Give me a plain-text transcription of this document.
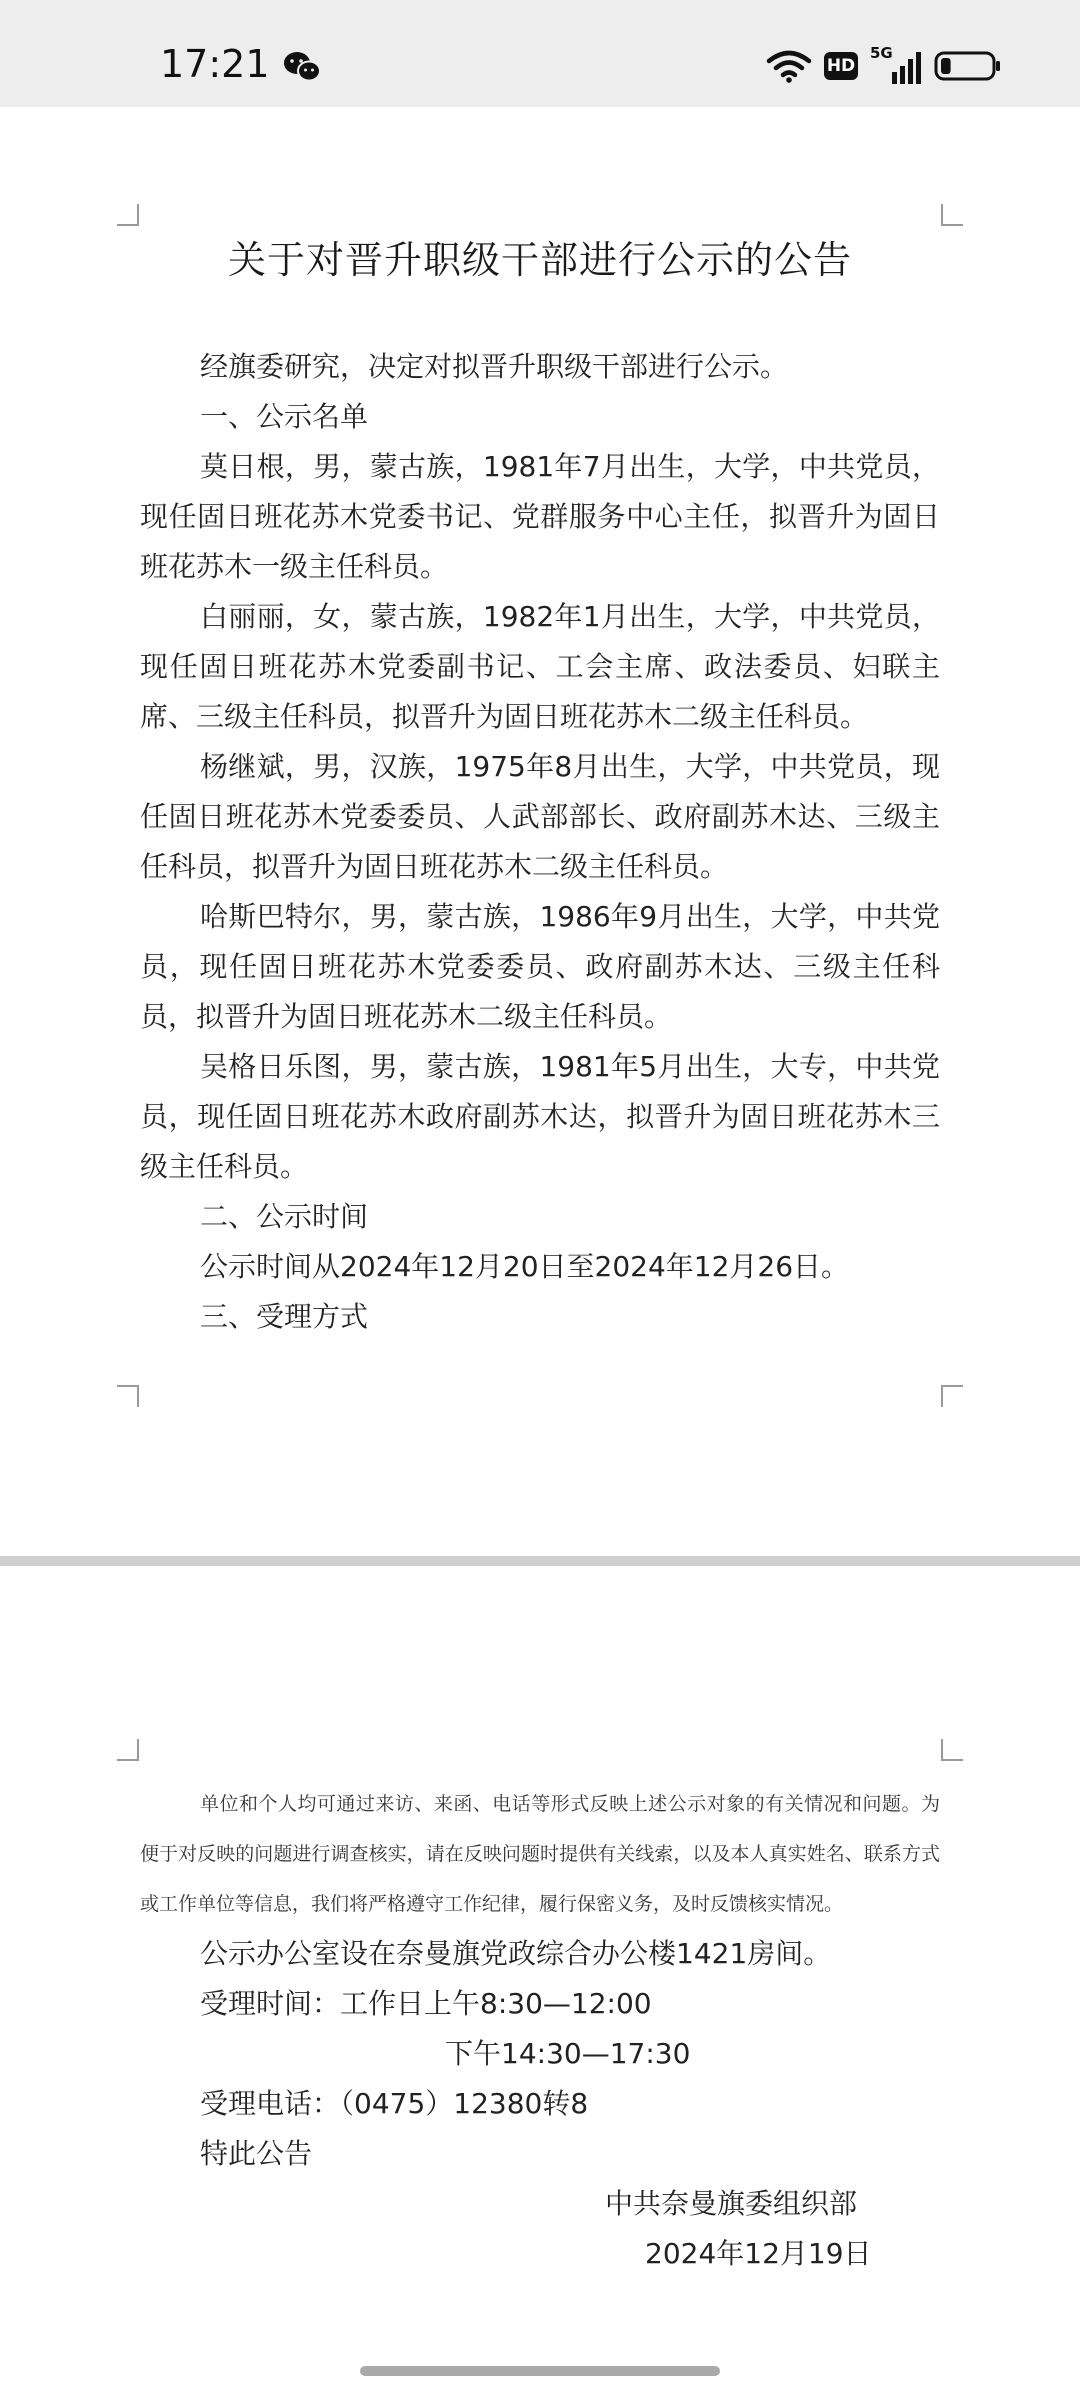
17:21	HD
5G
关于对晋升职级干部进行公示的公告

经旗委研究，决定对拟晋升职级干部进行公示。

一、公示名单

莫日根，男，蒙古族，1981年7月出生，大学，中共党员，现任固日班花苏木党委书记、党群服务中心主任，拟晋升为固日班花苏木一级主任科员。

白丽丽，女，蒙古族，1982年1月出生，大学，中共党员，现任固日班花苏木党委副书记、工会主席、政法委员、妇联主席、三级主任科员，拟晋升为固日班花苏木二级主任科员。

杨继斌，男，汉族，1975年8月出生，大学，中共党员，现任固日班花苏木党委委员、人武部部长、政府副苏木达、三级主任科员，拟晋升为固日班花苏木二级主任科员。

哈斯巴特尔，男，蒙古族，1986年9月出生，大学，中共党员，现任固日班花苏木党委委员、政府副苏木达、三级主任科员，拟晋升为固日班花苏木二级主任科员。

吴格日乐图，男，蒙古族，1981年5月出生，大专，中共党员，现任固日班花苏木政府副苏木达，拟晋升为固日班花苏木三级主任科员。

二、公示时间

公示时间从2024年12月20日至2024年12月26日。

三、受理方式

单位和个人均可通过来访、来函、电话等形式反映上述公示对象的有关情况和问题。为便于对反映的问题进行调查核实，请在反映问题时提供有关线索，以及本人真实姓名、联系方式或工作单位等信息，我们将严格遵守工作纪律，履行保密义务，及时反馈核实情况。

公示办公室设在奈曼旗党政综合办公楼1421房间。

受理时间：工作日上午8:30—12:00

下午14:30—17:30

受理电话：（0475）12380转8

特此公告

中共奈曼旗委组织部

2024年12月19日
